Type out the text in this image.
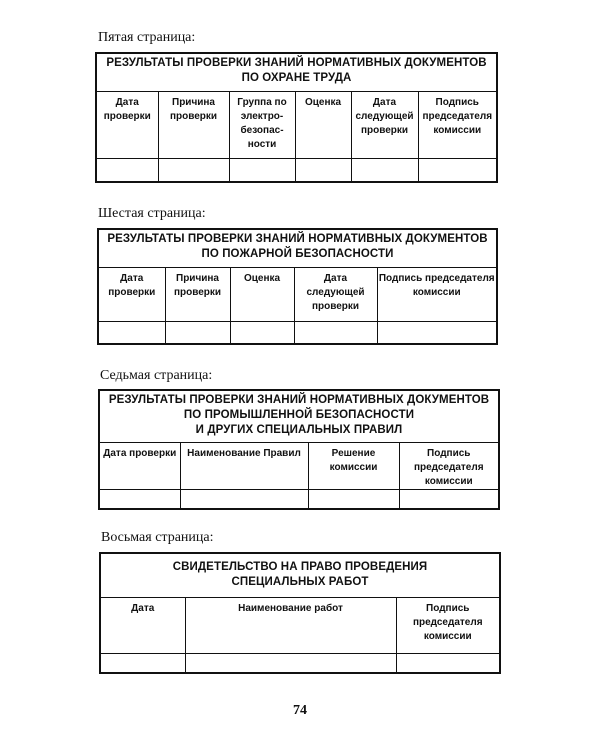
Пятая страница:
РЕЗУЛЬТАТЫ ПРОВЕРКИ ЗНАНИЙ НОРМАТИВНЫХ ДОКУМЕНТОВ
ПО ОХРАНЕ ТРУДА
Дата проверки	Причина проверки	Группа по электро-безопас-ности	Оценка	Дата следующей проверки	Подпись председателя комиссии

Шестая страница:
РЕЗУЛЬТАТЫ ПРОВЕРКИ ЗНАНИЙ НОРМАТИВНЫХ ДОКУМЕНТОВ
ПО ПОЖАРНОЙ БЕЗОПАСНОСТИ
Дата проверки	Причина проверки	Оценка	Дата следующей проверки	Подпись председателя комиссии

Седьмая страница:
РЕЗУЛЬТАТЫ ПРОВЕРКИ ЗНАНИЙ НОРМАТИВНЫХ ДОКУМЕНТОВ
ПО ПРОМЫШЛЕННОЙ БЕЗОПАСНОСТИ
И ДРУГИХ СПЕЦИАЛЬНЫХ ПРАВИЛ
Дата проверки	Наименование Правил	Решение комиссии	Подпись председателя комиссии

Восьмая страница:
СВИДЕТЕЛЬСТВО НА ПРАВО ПРОВЕДЕНИЯ
СПЕЦИАЛЬНЫХ РАБОТ
Дата	Наименование работ	Подпись председателя комиссии

74
